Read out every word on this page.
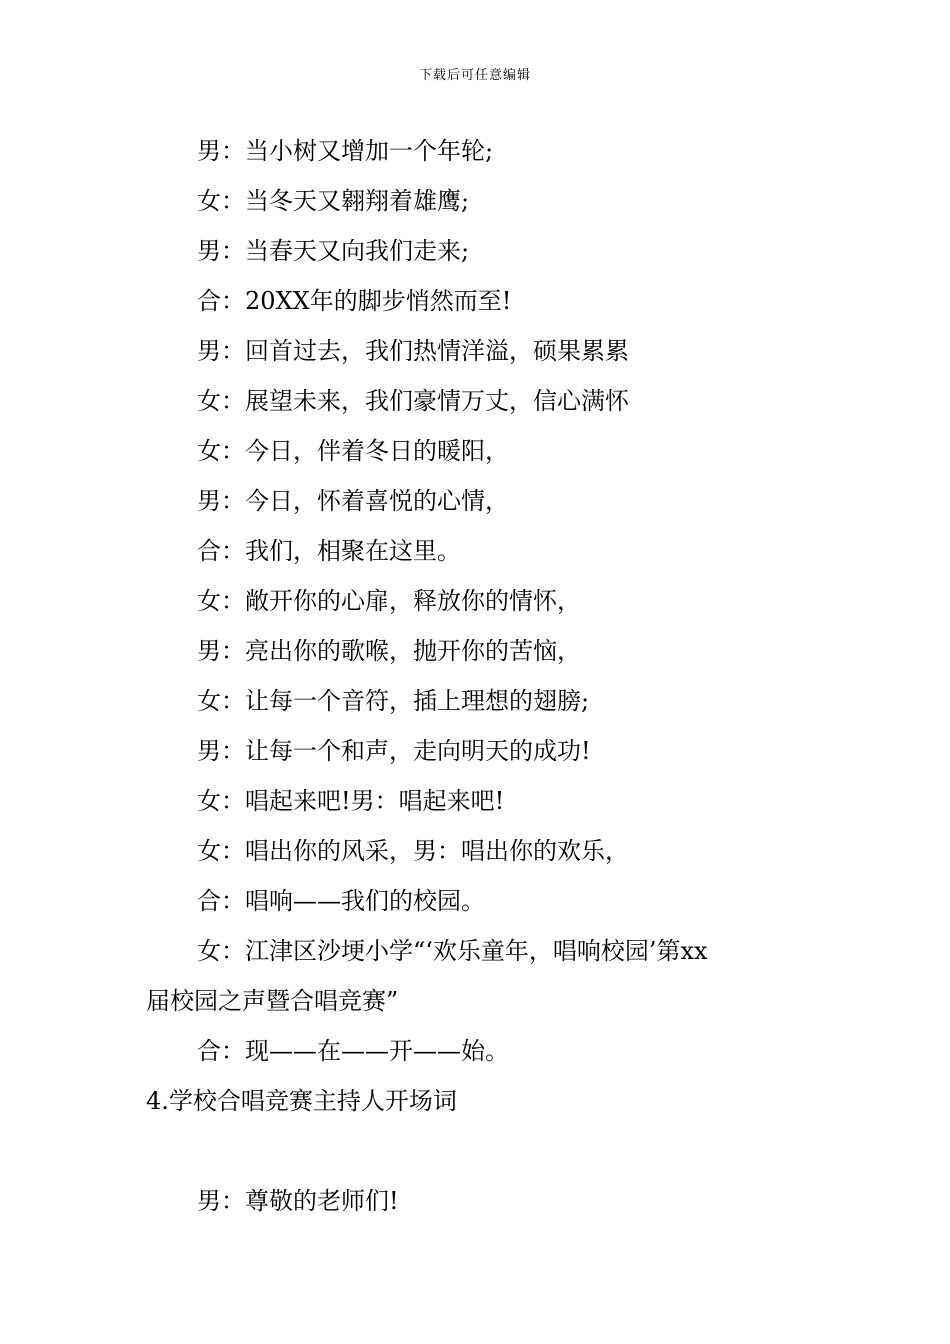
下载后可任意编辑
男：当小树又增加一个年轮;
女：当冬天又翱翔着雄鹰;
男：当春天又向我们走来;
合：20XX年的脚步悄然而至!
男：回首过去，我们热情洋溢，硕果累累
女：展望未来，我们豪情万丈，信心满怀
女：今日，伴着冬日的暖阳，
男：今日，怀着喜悦的心情，
合：我们，相聚在这里。
女：敞开你的心扉，释放你的情怀，
男：亮出你的歌喉，抛开你的苦恼，
女：让每一个音符，插上理想的翅膀;
男：让每一个和声，走向明天的成功!
女：唱起来吧!男：唱起来吧!
女：唱出你的风采，男：唱出你的欢乐，
合：唱响——我们的校园。
女：江津区沙埂小学“‘欢乐童年，唱响校园’第xx
届校园之声暨合唱竞赛”
合：现——在——开——始。
4.学校合唱竞赛主持人开场词
男：尊敬的老师们!
